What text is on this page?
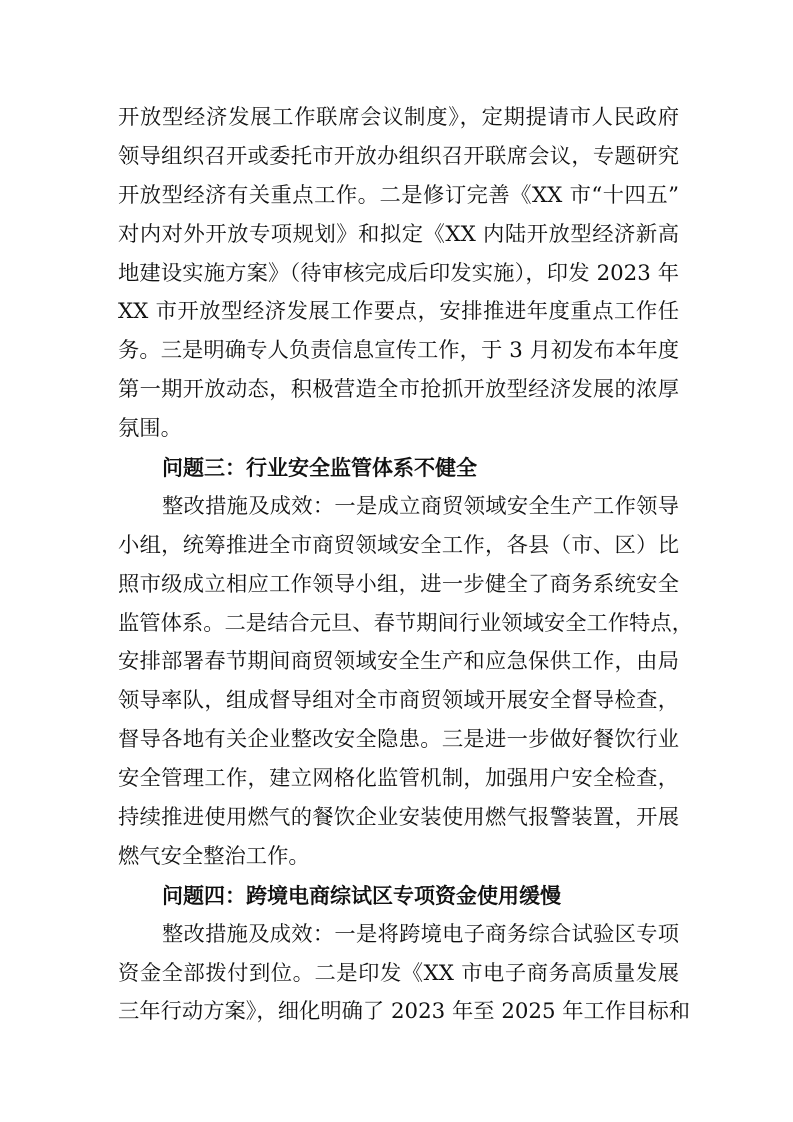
开放型经济发展工作联席会议制度》，定期提请市人民政府
领导组织召开或委托市开放办组织召开联席会议，专题研究
开放型经济有关重点工作。二是修订完善《XX 市“十四五”
对内对外开放专项规划》和拟定《XX 内陆开放型经济新高
地建设实施方案》（待审核完成后印发实施），印发 2023 年
XX 市开放型经济发展工作要点，安排推进年度重点工作任
务。三是明确专人负责信息宣传工作，于 3 月初发布本年度
第一期开放动态，积极营造全市抢抓开放型经济发展的浓厚
氛围。
问题三：行业安全监管体系不健全
整改措施及成效：一是成立商贸领域安全生产工作领导
小组，统筹推进全市商贸领域安全工作，各县（市、区）比
照市级成立相应工作领导小组，进一步健全了商务系统安全
监管体系。二是结合元旦、春节期间行业领域安全工作特点，
安排部署春节期间商贸领域安全生产和应急保供工作，由局
领导率队，组成督导组对全市商贸领域开展安全督导检查，
督导各地有关企业整改安全隐患。三是进一步做好餐饮行业
安全管理工作，建立网格化监管机制，加强用户安全检查，
持续推进使用燃气的餐饮企业安装使用燃气报警装置，开展
燃气安全整治工作。
问题四：跨境电商综试区专项资金使用缓慢
整改措施及成效：一是将跨境电子商务综合试验区专项
资金全部拨付到位。二是印发《XX 市电子商务高质量发展
三年行动方案》，细化明确了 2023 年至 2025 年工作目标和
